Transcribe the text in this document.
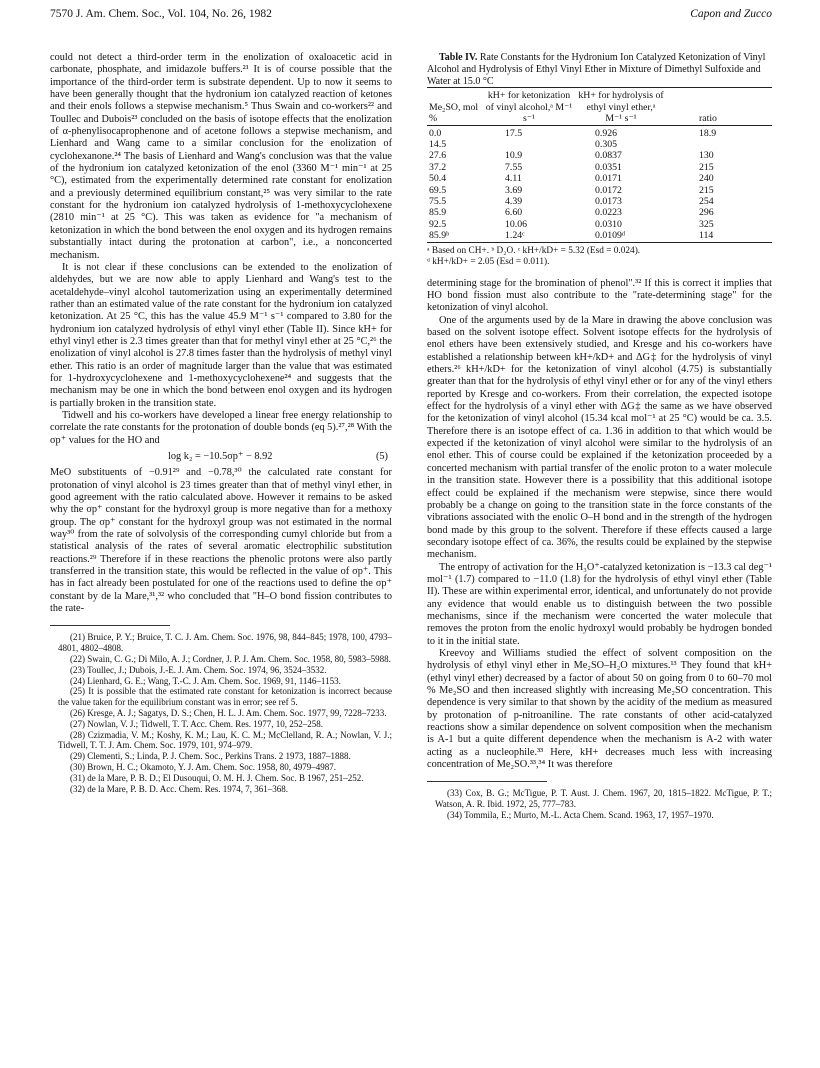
7570 J. Am. Chem. Soc., Vol. 104, No. 26, 1982	Capon and Zucco

could not detect a third-order term in the enolization of oxaloacetic acid in carbonate, phosphate, and imidazole buffers.²¹ It is of course possible that the importance of the third-order term is substrate dependent. Up to now it seems to have been generally thought that the hydronium ion catalyzed reaction of ketones and their enols follows a stepwise mechanism.⁵ Thus Swain and co-workers²² and Toullec and Dubois²³ concluded on the basis of isotope effects that the enolization of α-phenylisocaprophenone and of acetone follows a stepwise mechanism, and Lienhard and Wang came to a similar conclusion for the enolization of cyclohexanone.²⁴ The basis of Lienhard and Wang's conclusion was that the value of the hydronium ion catalyzed ketonization of the enol (3360 M⁻¹ min⁻¹ at 25 °C), estimated from the experimentally determined rate constant for enolization and a previously determined equilibrium constant,²⁵ was very similar to the rate constant for the hydronium ion catalyzed hydrolysis of 1-methoxycyclohexene (2810 min⁻¹ at 25 °C). This was taken as evidence for "a mechanism of ketonization in which the bond between the enol oxygen and its hydrogen remains substantially intact during the protonation at carbon", i.e., a nonconcerted mechanism.

It is not clear if these conclusions can be extended to the enolization of aldehydes, but we are now able to apply Lienhard and Wang's test to the acetaldehyde–vinyl alcohol tautomerization using an experimentally determined rather than an estimated value of the rate constant for the hydronium ion catalyzed ketonization. At 25 °C, this has the value 45.9 M⁻¹ s⁻¹ compared to 3.80 for the hydronium ion catalyzed hydrolysis of ethyl vinyl ether (Table II). Since kH+ for ethyl vinyl ether is 2.3 times greater than that for methyl vinyl ether at 25 °C,²⁶ the enolization of vinyl alcohol is 27.8 times faster than the hydrolysis of methyl vinyl ether. This ratio is an order of magnitude larger than the value that was estimated for 1-hydroxycyclohexene and 1-methoxycyclohexene²⁴ and suggests that the mechanism may be one in which the bond between enol oxygen and its hydrogen is partially broken in the transition state.

Tidwell and his co-workers have developed a linear free energy relationship to correlate the rate constants for the protonation of double bonds (eq 5).²⁷,²⁸ With the σp⁺ values for the HO and

log k₂ = −10.5σp⁺ − 8.92	(5)

MeO substituents of −0.91²⁹ and −0.78,³⁰ the calculated rate constant for protonation of vinyl alcohol is 23 times greater than that of methyl vinyl ether, in good agreement with the ratio calculated above. However it remains to be asked why the σp⁺ constant for the hydroxyl group is more negative than for a methoxy group. The σp⁺ constant for the hydroxyl group was not estimated in the normal way³⁰ from the rate of solvolysis of the corresponding cumyl chloride but from a statistical analysis of the rates of several aromatic electrophilic substitution reactions.²⁹ Therefore if in these reactions the phenolic protons were also partly transferred in the transition state, this would be reflected in the value of σp⁺. This has in fact already been postulated for one of the reactions used to define the σp⁺ constant by de la Mare,³¹,³² who concluded that "H–O bond fission contributes to the rate-

(21) Bruice, P. Y.; Bruice, T. C. J. Am. Chem. Soc. 1976, 98, 844–845; 1978, 100, 4793–4801, 4802–4808.

(22) Swain, C. G.; Di Milo, A. J.; Cordner, J. P. J. Am. Chem. Soc. 1958, 80, 5983–5988.

(23) Toullec, J.; Dubois, J.-E. J. Am. Chem. Soc. 1974, 96, 3524–3532.

(24) Lienhard, G. E.; Wang, T.-C. J. Am. Chem. Soc. 1969, 91, 1146–1153.

(25) It is possible that the estimated rate constant for ketonization is incorrect because the value taken for the equilibrium constant was in error; see ref 5.

(26) Kresge, A. J.; Sagatys, D. S.; Chen, H. L. J. Am. Chem. Soc. 1977, 99, 7228–7233.

(27) Nowlan, V. J.; Tidwell, T. T. Acc. Chem. Res. 1977, 10, 252–258.

(28) Czizmadia, V. M.; Koshy, K. M.; Lau, K. C. M.; McClelland, R. A.; Nowlan, V. J.; Tidwell, T. T. J. Am. Chem. Soc. 1979, 101, 974–979.

(29) Clementi, S.; Linda, P. J. Chem. Soc., Perkins Trans. 2 1973, 1887–1888.

(30) Brown, H. C.; Okamoto, Y. J. Am. Chem. Soc. 1958, 80, 4979–4987.

(31) de la Mare, P. B. D.; El Dusouqui, O. M. H. J. Chem. Soc. B 1967, 251–252.

(32) de la Mare, P. B. D. Acc. Chem. Res. 1974, 7, 361–368.

Table IV. Rate Constants for the Hydronium Ion Catalyzed Ketonization of Vinyl Alcohol and Hydrolysis of Ethyl Vinyl Ether in Mixture of Dimethyl Sulfoxide and Water at 15.0 °C

Me₂SO, mol %	kH+ for ketonization of vinyl alcohol,ᵃ M⁻¹ s⁻¹	kH+ for hydrolysis of ethyl vinyl ether,ᵃ M⁻¹ s⁻¹	ratio

0.0	17.5	0.926	18.9
14.5		0.305	
27.6	10.9	0.0837	130
37.2	7.55	0.0351	215
50.4	4.11	0.0171	240
69.5	3.69	0.0172	215
75.5	4.39	0.0173	254
85.9	6.60	0.0223	296
92.5	10.06	0.0310	325
85.9ᵇ	1.24ᶜ	0.0109ᵈ	114

ᵃ Based on CH+. ᵇ D₂O. ᶜ kH+/kD+ = 5.32 (Esd = 0.024).
ᵈ kH+/kD+ = 2.05 (Esd = 0.011).

determining stage for the bromination of phenol".³² If this is correct it implies that HO bond fission must also contribute to the "rate-determining stage" for the ketonization of vinyl alcohol.

One of the arguments used by de la Mare in drawing the above conclusion was based on the solvent isotope effect. Solvent isotope effects for the hydrolysis of enol ethers have been extensively studied, and Kresge and his co-workers have established a relationship between kH+/kD+ and ΔG‡ for the hydrolysis of vinyl ethers.²⁶ kH+/kD+ for the ketonization of vinyl alcohol (4.75) is substantially greater than that for the hydrolysis of ethyl vinyl ether or for any of the vinyl ethers reported by Kresge and co-workers. From their correlation, the expected isotope effect for the hydrolysis of a vinyl ether with ΔG‡ the same as we have observed for the ketonization of vinyl alcohol (15.34 kcal mol⁻¹ at 25 °C) would be ca. 3.5. Therefore there is an isotope effect of ca. 1.36 in addition to that which would be expected if the ketonization of vinyl alcohol were similar to the hydrolysis of an enol ether. This of course could be explained if the ketonization proceeded by a concerted mechanism with partial transfer of the enolic proton to a water molecule in the transition state. However there is a possibility that this additional isotope effect could be explained if the mechanism were stepwise, since there would probably be a change on going to the transition state in the force constants of the vibrations associated with the enolic O–H bond and in the strength of the hydrogen bond made by this group to the solvent. Therefore if these effects caused a large secondary isotope effect of ca. 36%, the results could be explained by the stepwise mechanism.

The entropy of activation for the H₃O⁺-catalyzed ketonization is −13.3 cal deg⁻¹ mol⁻¹ (1.7) compared to −11.0 (1.8) for the hydrolysis of ethyl vinyl ether (Table II). These are within experimental error, identical, and unfortunately do not provide any evidence that would enable us to distinguish between the two possible mechanisms, since if the mechanism were concerted the water molecule that removes the proton from the enolic hydroxyl would probably be hydrogen bonded to it in the initial state.

Kreevoy and Williams studied the effect of solvent composition on the hydrolysis of ethyl vinyl ether in Me₂SO–H₂O mixtures.¹³ They found that kH+ (ethyl vinyl ether) decreased by a factor of about 50 on going from 0 to 60–70 mol % Me₂SO and then increased slightly with increasing Me₂SO concentration. This dependence is very similar to that shown by the acidity of the medium as measured by protonation of p-nitroaniline. The rate constants of other acid-catalyzed reactions show a similar dependence on solvent composition when the mechanism is A-1 but a quite different dependence when the mechanism is A-2 with water acting as a nucleophile.³³ Here, kH+ decreases much less with increasing concentration of Me₂SO.³³,³⁴ It was therefore

(33) Cox, B. G.; McTigue, P. T. Aust. J. Chem. 1967, 20, 1815–1822. McTigue, P. T.; Watson, A. R. Ibid. 1972, 25, 777–783.

(34) Tommila, E.; Murto, M.-L. Acta Chem. Scand. 1963, 17, 1957–1970.
